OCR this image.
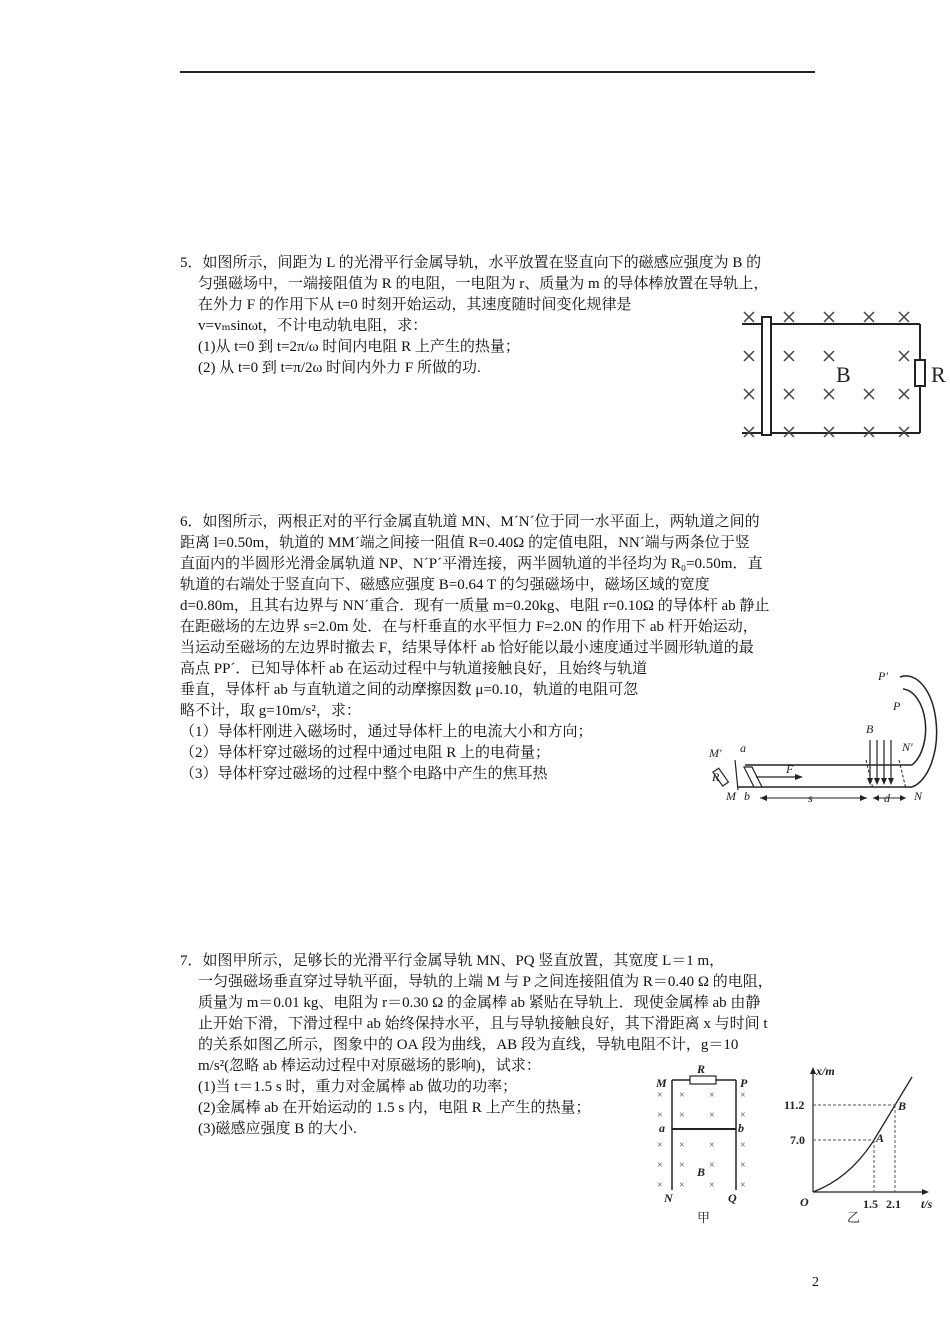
5．如图所示，间距为 L 的光滑平行金属导轨，水平放置在竖直向下的磁感应强度为 B 的
匀强磁场中，一端接阻值为 R 的电阻，一电阻为 r、质量为 m 的导体棒放置在导轨上，
在外力 F 的作用下从 t=0 时刻开始运动，其速度随时间变化规律是
v=vₘsinωt，不计电动轨电阻，求：
(1)从 t=0 到 t=2π/ω 时间内电阻 R 上产生的热量；
(2) 从 t=0 到 t=π/2ω 时间内外力 F 所做的功.	B	R
6．如图所示，两根正对的平行金属直轨道 MN、M´N´位于同一水平面上，两轨道之间的
距离 l=0.50m，轨道的 MM´端之间接一阻值 R=0.40Ω 的定值电阻，NN´端与两条位于竖
直面内的半圆形光滑金属轨道 NP、N´P´平滑连接，两半圆轨道的半径均为 R₀=0.50m．直
轨道的右端处于竖直向下、磁感应强度 B=0.64 T 的匀强磁场中，磁场区域的宽度
d=0.80m，且其右边界与 NN´重合．现有一质量 m=0.20kg、电阻 r=0.10Ω 的导体杆 ab 静止
在距磁场的左边界 s=2.0m 处．在与杆垂直的水平恒力 F=2.0N 的作用下 ab 杆开始运动，
当运动至磁场的左边界时撤去 F，结果导体杆 ab 恰好能以最小速度通过半圆形轨道的最
高点 PP´．已知导体杆 ab 在运动过程中与轨道接触良好，且始终与轨道
垂直，导体杆 ab 与直轨道之间的动摩擦因数 μ=0.10，轨道的电阻可忽
略不计，取 g=10m/s²，求：
（1）导体杆刚进入磁场时，通过导体杆上的电流大小和方向；
（2）导体杆穿过磁场的过程中通过电阻 R 上的电荷量；
（3）导体杆穿过磁场的过程中整个电路中产生的焦耳热
P'
P
B
N'
M' a
R
F
M b	s	d N
7．如图甲所示，足够长的光滑平行金属导轨 MN、PQ 竖直放置，其宽度 L＝1 m，
一匀强磁场垂直穿过导轨平面，导轨的上端 M 与 P 之间连接阻值为 R＝0.40 Ω 的电阻，
质量为 m＝0.01 kg、电阻为 r＝0.30 Ω 的金属棒 ab 紧贴在导轨上．现使金属棒 ab 由静
止开始下滑，下滑过程中 ab 始终保持水平，且与导轨接触良好，其下滑距离 x 与时间 t
的关系如图乙所示，图象中的 OA 段为曲线，AB 段为直线，导轨电阻不计，g＝10
m/s²(忽略 ab 棒运动过程中对原磁场的影响)，试求：
(1)当 t＝1.5 s 时，重力对金属棒 ab 做功的功率；
(2)金属棒 ab 在开始运动的 1.5 s 内，电阻 R 上产生的热量；
(3)磁感应强度 B 的大小.
× × ×	×
× × ×	×
× × ×	×
× × ×	×
× × ×	×
R
M	P
a	b
B
N	Q
甲
x/m
t/s
O
11.2
7.0
1.5 2.1
A
B
乙
2
